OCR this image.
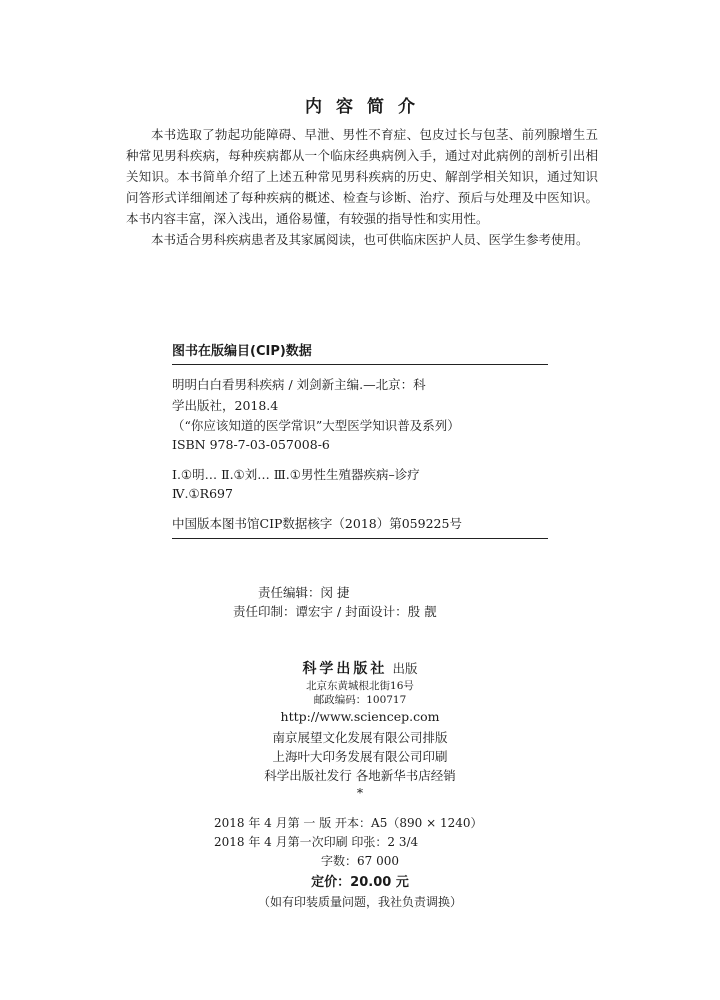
内容简介

本书选取了勃起功能障碍、早泄、男性不育症、包皮过长与包茎、前列腺增生五种常见男科疾病，每种疾病都从一个临床经典病例入手，通过对此病例的剖析引出相关知识。本书简单介绍了上述五种常见男科疾病的历史、解剖学相关知识，通过知识问答形式详细阐述了每种疾病的概述、检查与诊断、治疗、预后与处理及中医知识。本书内容丰富，深入浅出，通俗易懂，有较强的指导性和实用性。

本书适合男科疾病患者及其家属阅读，也可供临床医护人员、医学生参考使用。

图书在版编目(CIP)数据
明明白白看男科疾病 / 刘剑新主编.—北京：科
学出版社，2018.4
（“你应该知道的医学常识”大型医学知识普及系列）
ISBN 978-7-03-057008-6
Ⅰ.①明… Ⅱ.①刘… Ⅲ.①男性生殖器疾病–诊疗
Ⅳ.①R697
中国版本图书馆CIP数据核字（2018）第059225号
责任编辑：闵 捷
责任印制：谭宏宇 / 封面设计：殷 靓
科学出版社 出版
北京东黄城根北街16号
邮政编码：100717
http://www.sciencep.com
南京展望文化发展有限公司排版
上海叶大印务发展有限公司印刷
科学出版社发行 各地新华书店经销
*
2018 年 4 月第 一 版 开本：A5（890 × 1240）
2018 年 4 月第一次印刷 印张：2 3/4
字数：67 000
定价：20.00 元
（如有印装质量问题，我社负责调换）
